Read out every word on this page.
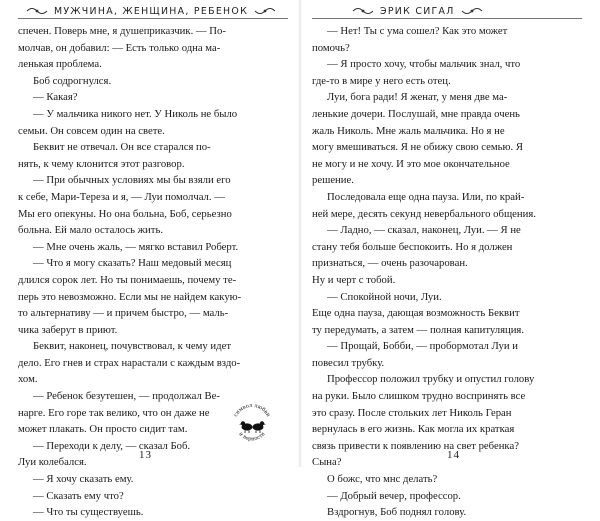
МУЖЧИНА, ЖЕНЩИНА, РЕБЕНОК

спечен. Поверь мне, я душеприказчик. — По-

молчав, он добавил: — Есть только одна ма-

ленькая проблема.

Боб содрогнулся.

— Какая?

— У мальчика никого нет. У Николь не было

семьи. Он совсем один на свете.

Беквит не отвечал. Он все старался по-

нять, к чему клонится этот разговор.

— При обычных условиях мы бы взяли его

к себе, Мари-Тереза и я, — Луи помолчал. —

Мы его опекуны. Но она больна, Боб, серьезно

больна. Ей мало осталось жить.

— Мне очень жаль, — мягко вставил Роберт.

— Что я могу сказать? Наш медовый месяц

длился сорок лет. Но ты понимаешь, почему те-

перь это невозможно. Если мы не найдем какую-

то альтернативу — и причем быстро, — маль-

чика заберут в приют.

Беквит, наконец, почувствовал, к чему идет

дело. Его гнев и страх нарастали с каждым вздо-

хом.

— Ребенок безутешен, — продолжал Ве-

нарге. Его горе так велико, что он даже не

может плакать. Он просто сидит там.

— Переходи к делу, — сказал Боб.

Луи колебался.

— Я хочу сказать ему.

— Сказать ему что?

— Что ты существуешь.

символ любви
и верности
13
ЭРИК СИГАЛ

— Нет! Ты с ума сошел? Как это может

помочь?

— Я просто хочу, чтобы мальчик знал, что

где-то в мире у него есть отец.

Луи, бога ради! Я женат, у меня две ма-

ленькие дочери. Послушай, мне правда очень

жаль Николь. Мне жаль мальчика. Но я не

могу вмешиваться. Я не обижу свою семью. Я

не могу и не хочу. И это мое окончательное

решение.

Последовала еще одна пауза. Или, по край-

ней мере, десять секунд невербального общения.

— Ладно, — сказал, наконец, Луи. — Я не

стану тебя больше беспокоить. Но я должен

признаться, — очень разочарован.

Ну и черт с тобой.

— Спокойной ночи, Луи.

Еще одна пауза, дающая возможность Беквит

ту передумать, а затем — полная капитуляция.

— Прощай, Бобби, — пробормотал Луи и

повесил трубку.

Профессор положил трубку и опустил голову

на руки. Было слишком трудно воспринять все

это сразу. После стольких лет Николь Геран

вернулась в его жизнь. Как могла их краткая

связь привести к появлению на свет ребенка?

Сына?

О божс, что мнс делать?

— Добрый вечер, профессор.

Вздрогнув, Боб поднял голову.

14
